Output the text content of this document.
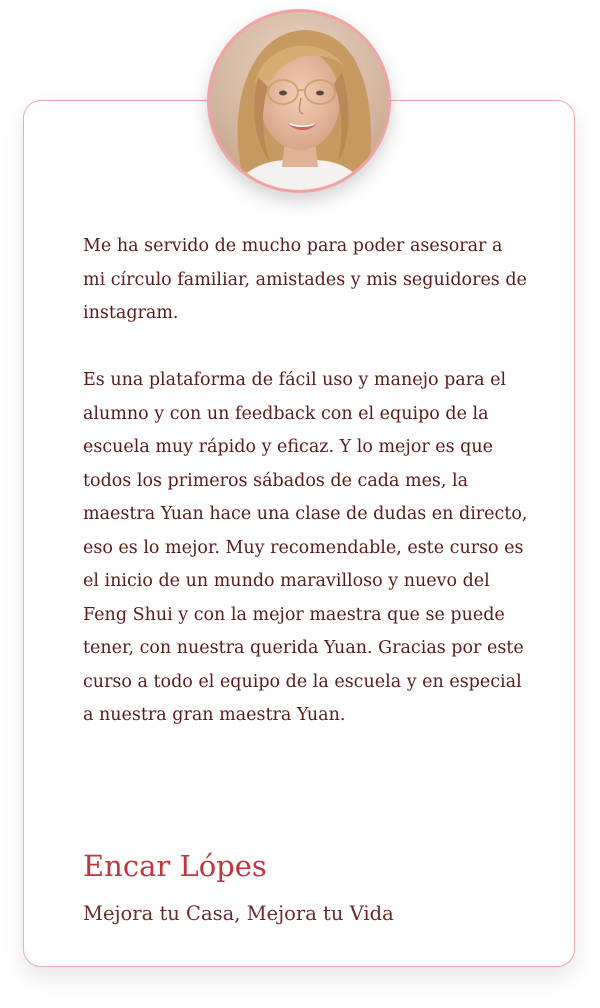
Me ha servido de mucho para poder asesorar a mi círculo familiar, amistades y mis seguidores de instagram.

Es una plataforma de fácil uso y manejo para el alumno y con un feedback con el equipo de la escuela muy rápido y eficaz. Y lo mejor es que todos los primeros sábados de cada mes, la maestra Yuan hace una clase de dudas en directo, eso es lo mejor. Muy recomendable, este curso es el inicio de un mundo maravilloso y nuevo del Feng Shui y con la mejor maestra que se puede tener, con nuestra querida Yuan. Gracias por este curso a todo el equipo de la escuela y en especial a nuestra gran maestra Yuan.

Encar Lópes
Mejora tu Casa, Mejora tu Vida
